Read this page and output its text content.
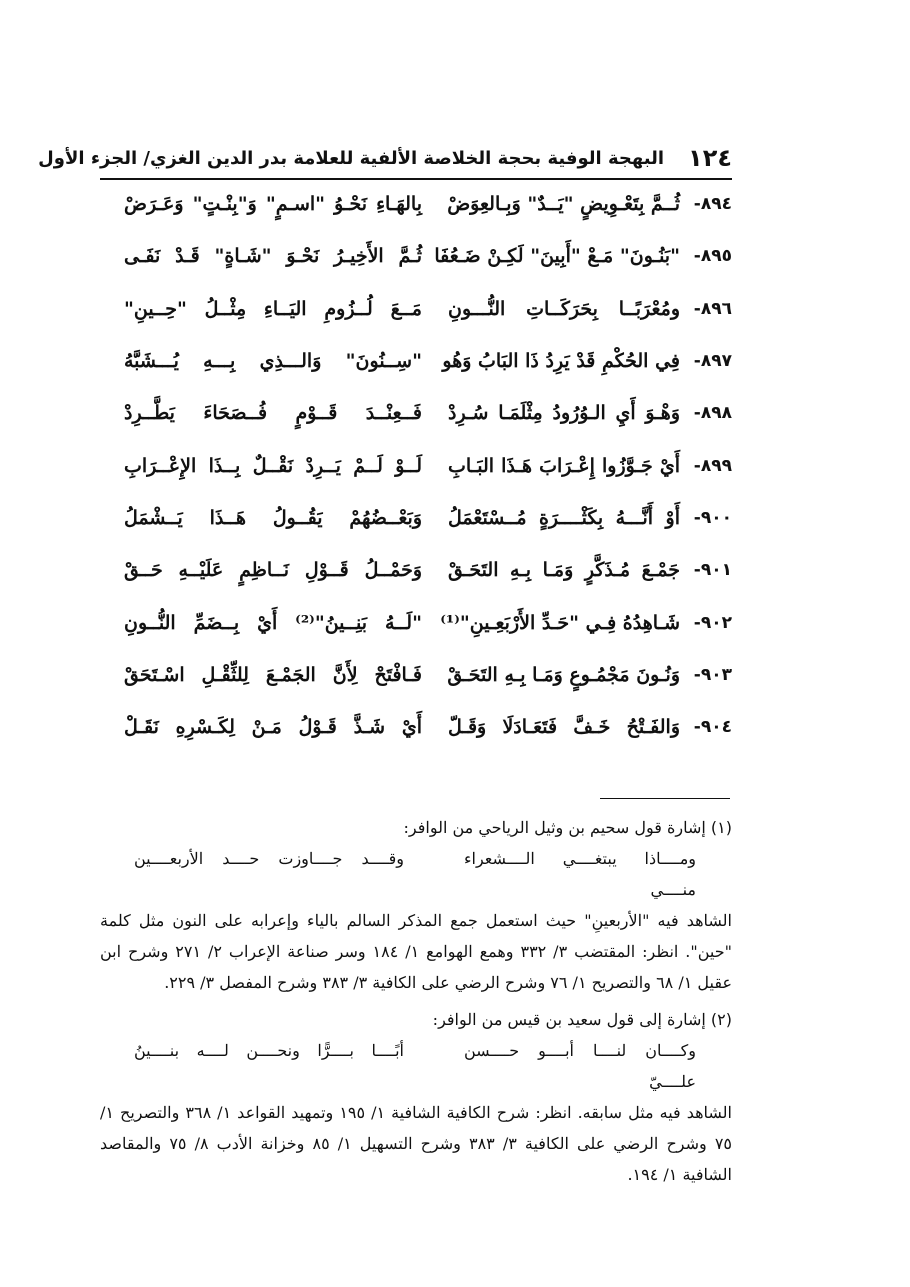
١٢٤
البهجة الوفية بحجة الخلاصة الألفية للعلامة بدر الدين الغزي/ الجزء الأول
٨٩٤-
ثُــمَّ بِتَعْـوِيضٍ "يَــدٌ" وَبِـالعِوَضْ
بِالهَـاءِ نَحْـوُ "اسـمٍ" وَ"بِنْـتٍ" وَعَـرَضْ
٨٩٥-
"بَنُـونَ" مَـعْ "أَبِينَ" لَكِـنْ ضَـعُفَا
ثُـمَّ الأَخِيـرُ نَحْـوَ "شَـاةٍ" قَـدْ نَفَـى
٨٩٦-
ومُعْرَبًــا بِحَرَكَــاتِ النُّـــونِ
مَــعَ لُــزُومِ اليَــاءِ مِثْــلُ "حِــينِ"
٨٩٧-
فِي الحُكْمِ قَدْ يَرِدُ ذَا البَابُ وَهُو
"سِــنُونَ" وَالـــذِي بِـــهِ يُـــشَبَّهُ
٨٩٨-
وَهْـوَ أَيِ الـوُرُودُ مِثْلَمَـا سُـرِدْ
فَــعِنْــدَ قَــوْمٍ فُــصَحَاءَ يَطَّــرِدْ
٨٩٩-
أَيْ جَـوَّزُوا إِعْـرَابَ هَـذَا البَـابِ
لَــوْ لَــمْ يَــرِدْ نَقْــلٌ بِــذَا الإِعْــرَابِ
٩٠٠-
أَوْ أَنَّـــهُ بِكَثْــــرَةٍ مُــسْتَعْمَلُ
وَبَعْــضُهُمْ يَقُــولُ هَــذَا يَــشْمَلُ
٩٠١-
جَمْـعَ مُـذَكَّرٍ وَمَـا بِـهِ التَحَـقْ
وَحَمْــلُ قَــوْلِ نَــاظِمٍ عَلَيْــهِ حَــقْ
٩٠٢-
شَـاهِدُهُ فِـي "حَـدِّ الأَرْبَعِـينِ"⁽¹⁾
"لَــهُ بَنِــينُ"⁽²⁾ أَيْ بِــضَمِّ النُّــونِ
٩٠٣-
وَنُـونَ مَجْمُـوعٍ وَمَـا بِـهِ التَحَـقْ
فَـافْتَحْ لِأَنَّ الجَمْـعَ لِلثِّقْـلِ اسْـتَحَقْ
٩٠٤-
وَالفَـتْحُ خَـفَّ فَتَعَـادَلَا وَقَـلّ
أَيْ شَـذَّ قَـوْلُ مَـنْ لِكَـسْرِهِ نَقَـلْ
(١) إشارة قول سحيم بن وثيل الرياحي من الوافر:
ومــــاذا يبتغــــي الــــشعراء منــــي
وقــــد جــــاوزت حــــد الأربعــــين
الشاهد فيه "الأربعينِ" حيث استعمل جمع المذكر السالم بالياء وإعرابه على النون مثل كلمة "حين". انظر: المقتضب ٣/ ٣٣٢ وهمع الهوامع ١/ ١٨٤ وسر صناعة الإعراب ٢/ ٢٧١ وشرح ابن عقيل ١/ ٦٨ والتصريح ١/ ٧٦ وشرح الرضي على الكافية ٣/ ٣٨٣ وشرح المفصل ٣/ ٢٢٩.
(٢) إشارة إلى قول سعيد بن قيس من الوافر:
وكــــان لنــــا أبــــو حــــسن علــــيّ
أبًــــا بــــرًّا ونحــــن لــــه بنــــينُ
الشاهد فيه مثل سابقه. انظر: شرح الكافية الشافية ١/ ١٩٥ وتمهيد القواعد ١/ ٣٦٨ والتصريح ١/ ٧٥ وشرح الرضي على الكافية ٣/ ٣٨٣ وشرح التسهيل ١/ ٨٥ وخزانة الأدب ٨/ ٧٥ والمقاصد الشافية ١/ ١٩٤.
